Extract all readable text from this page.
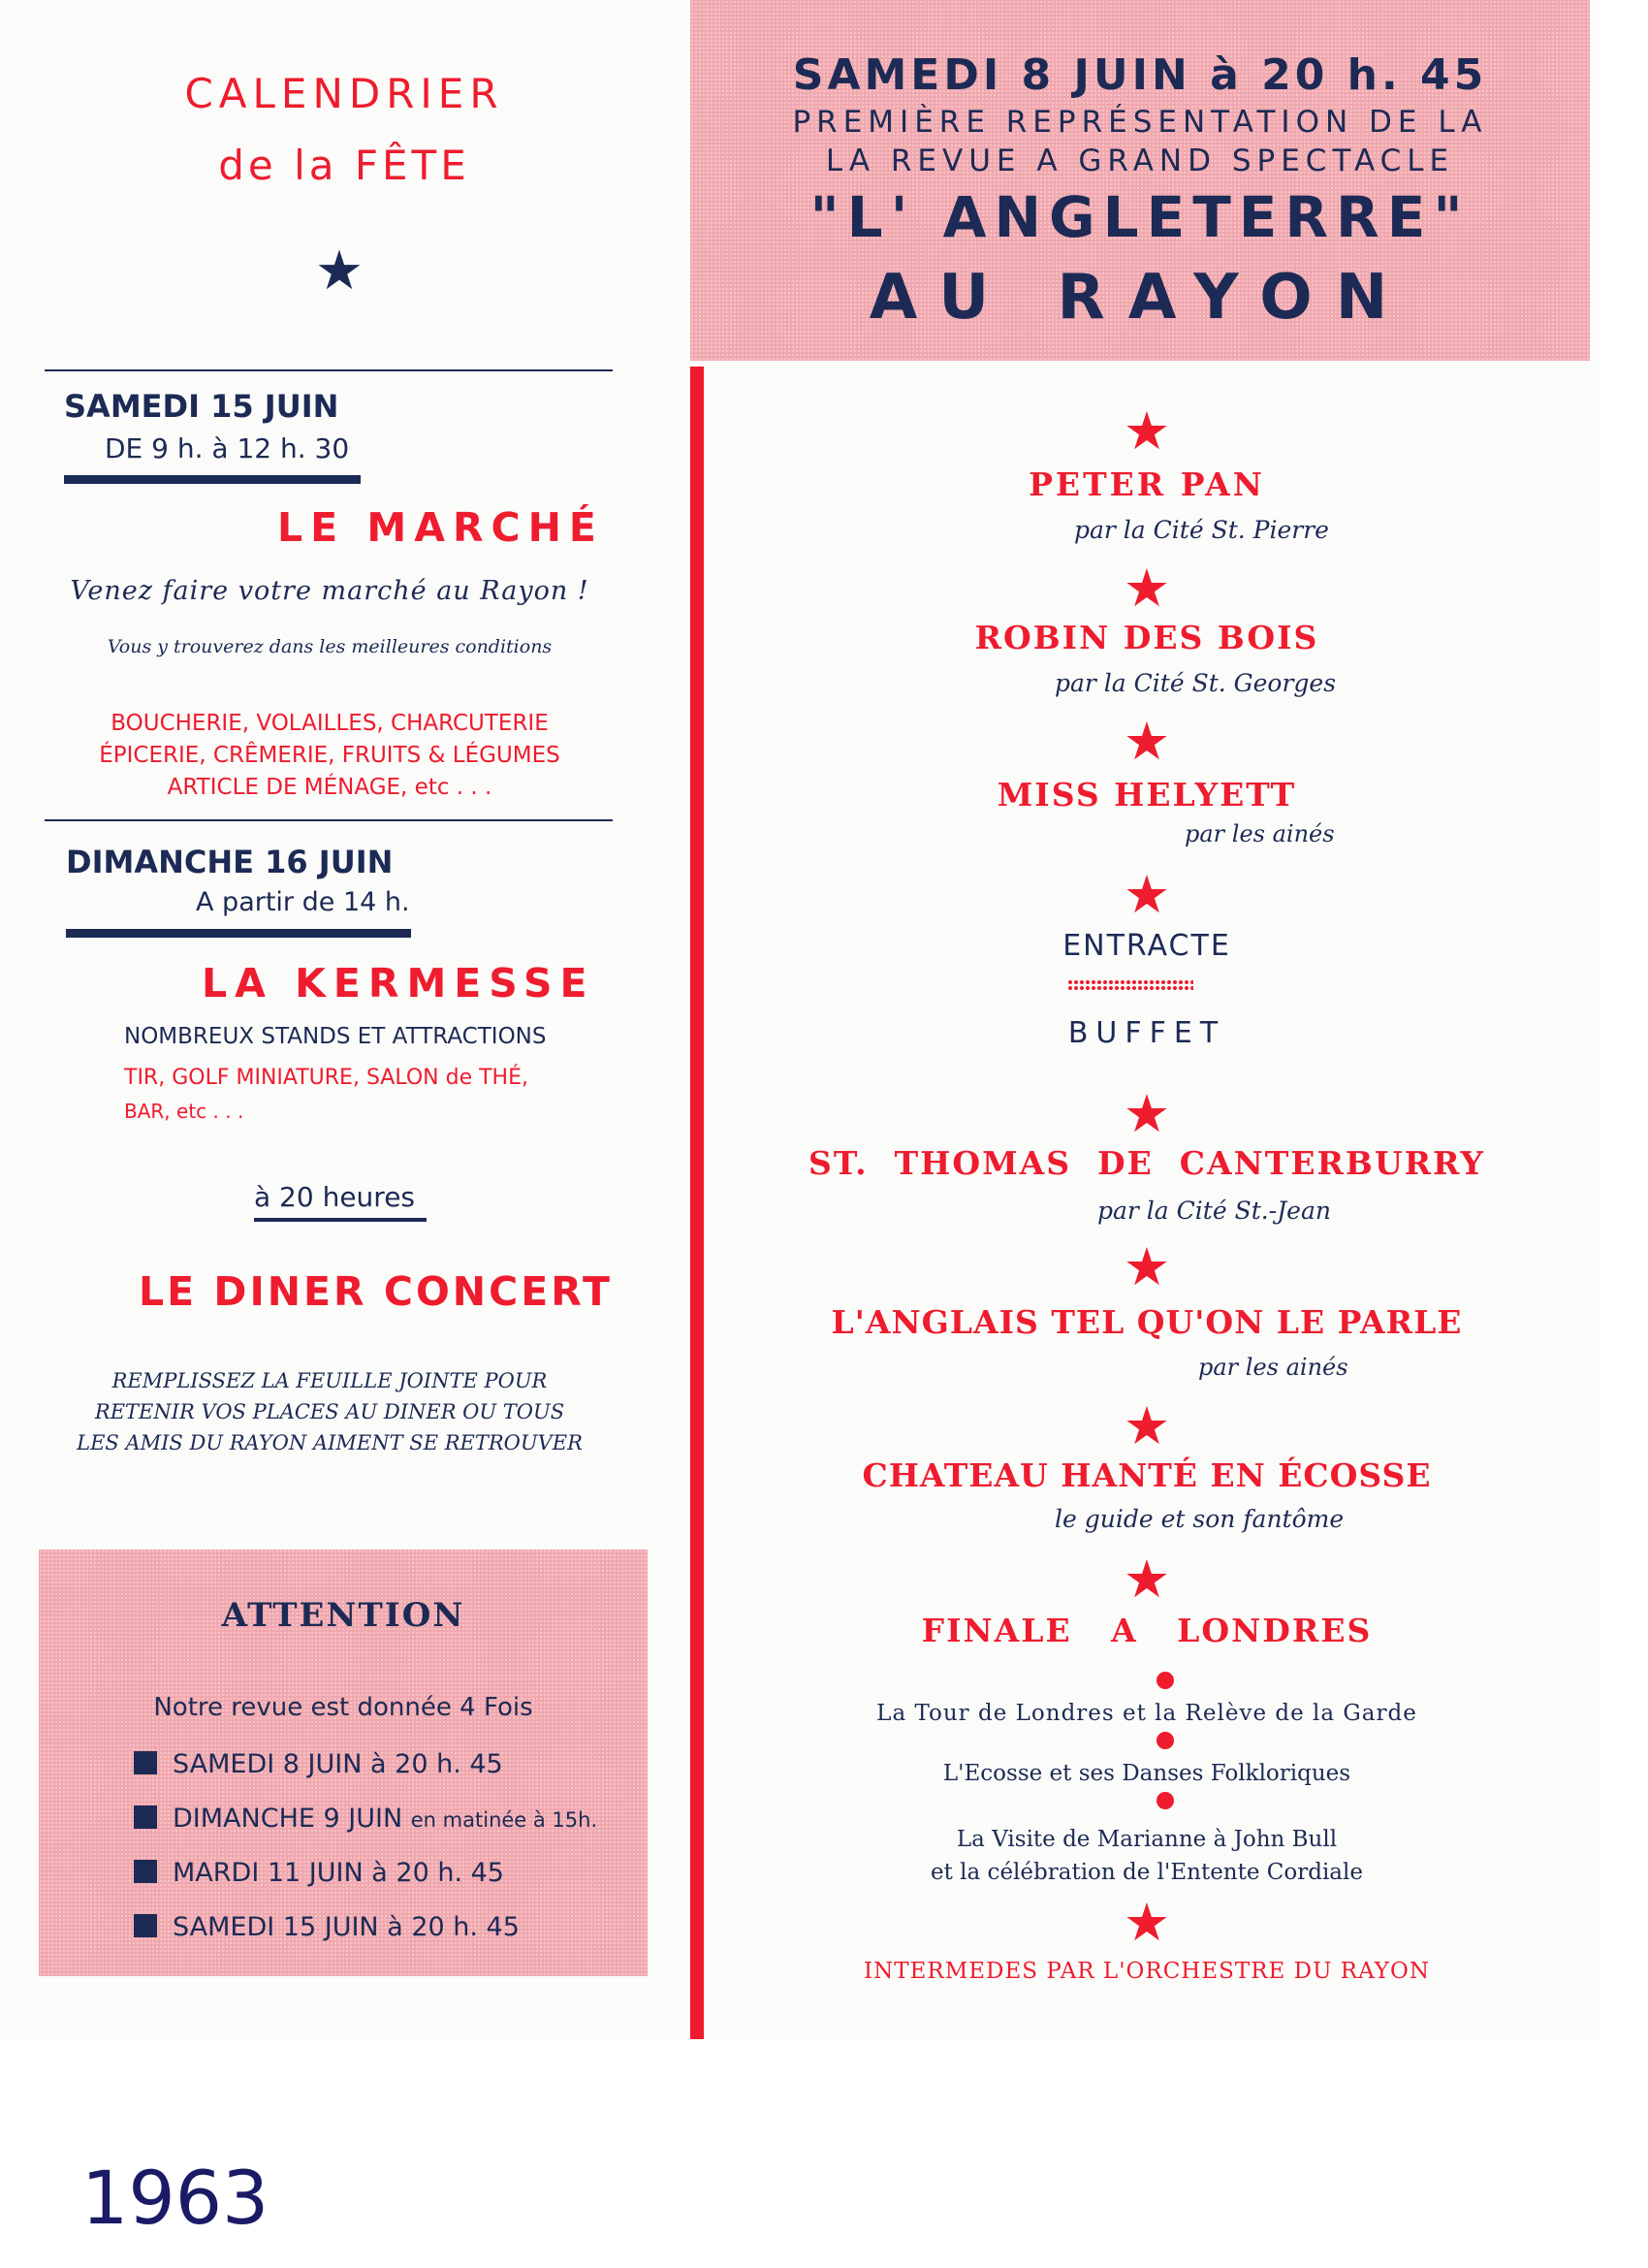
CALENDRIER
de la FÊTE
★
SAMEDI 15 JUIN
DE 9 h. à 12 h. 30
LE MARCHÉ
Venez faire votre marché au Rayon !
Vous y trouverez dans les meilleures conditions
BOUCHERIE, VOLAILLES, CHARCUTERIE
ÉPICERIE, CRÊMERIE, FRUITS & LÉGUMES
ARTICLE DE MÉNAGE, etc . . .
DIMANCHE 16 JUIN
A partir de 14 h.
LA KERMESSE
NOMBREUX STANDS ET ATTRACTIONS
TIR, GOLF MINIATURE, SALON de THÉ,
BAR, etc . . .
à 20 heures
LE DINER CONCERT
REMPLISSEZ LA FEUILLE JOINTE POUR
RETENIR VOS PLACES AU DINER OU TOUS
LES AMIS DU RAYON AIMENT SE RETROUVER
ATTENTION
Notre revue est donnée 4 Fois
SAMEDI 8 JUIN à 20 h. 45
DIMANCHE 9 JUIN en matinée à 15h.
MARDI 11 JUIN à 20 h. 45
SAMEDI 15 JUIN à 20 h. 45
SAMEDI 8 JUIN à 20 h. 45
PREMIÈRE REPRÉSENTATION DE LA
LA REVUE A GRAND SPECTACLE
"L' ANGLETERRE"
AU RAYON
★
PETER PAN
par la Cité St. Pierre
★
ROBIN DES BOIS
par la Cité St. Georges
★
MISS HELYETT
par les ainés
★
ENTRACTE
BUFFET
★
ST.  THOMAS  DE  CANTERBURRY
par la Cité St.-Jean
★
L'ANGLAIS TEL QU'ON LE PARLE
par les ainés
★
CHATEAU HANTÉ EN ÉCOSSE
le guide et son fantôme
★
FINALE   A   LONDRES
La Tour de Londres et la Relève de la Garde
L'Ecosse et ses Danses Folkloriques
La Visite de Marianne à John Bull
et la célébration de l'Entente Cordiale
★
INTERMEDES PAR L'ORCHESTRE DU RAYON
1963
